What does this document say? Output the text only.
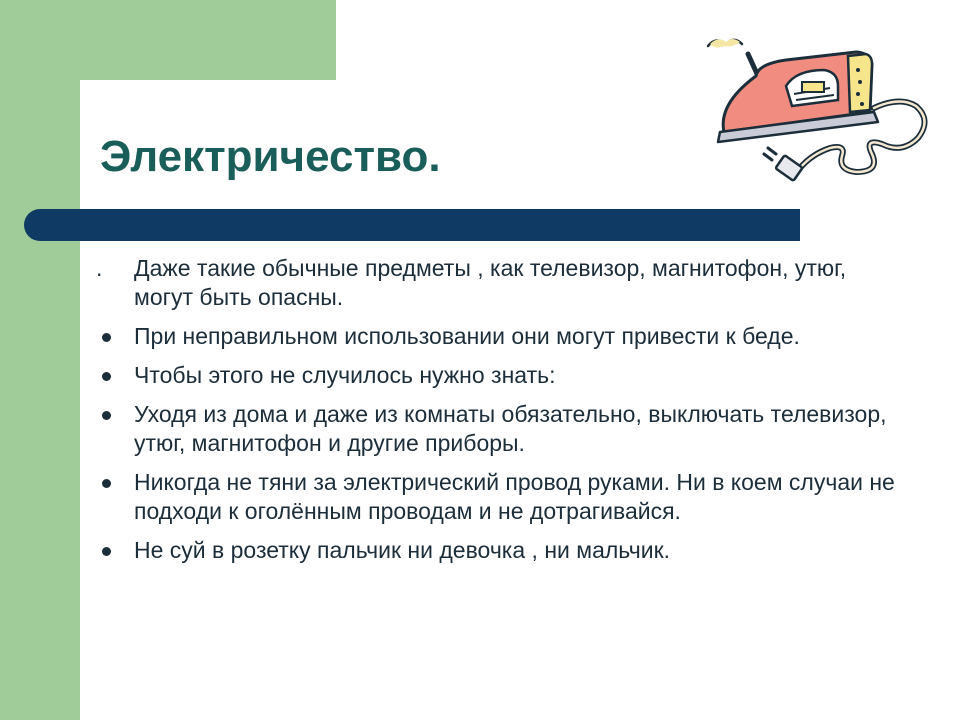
Электричество.
.	Даже такие обычные предметы , как телевизор, магнитофон, утюг, могут быть опасны.
При неправильном использовании они могут привести к беде.
Чтобы этого не случилось нужно знать:
Уходя из дома и даже из комнаты обязательно, выключать телевизор, утюг, магнитофон и другие приборы.
Никогда не тяни за электрический провод руками. Ни в коем случаи не подходи к оголённым проводам и не дотрагивайся.
Не суй в розетку пальчик ни девочка , ни мальчик.
